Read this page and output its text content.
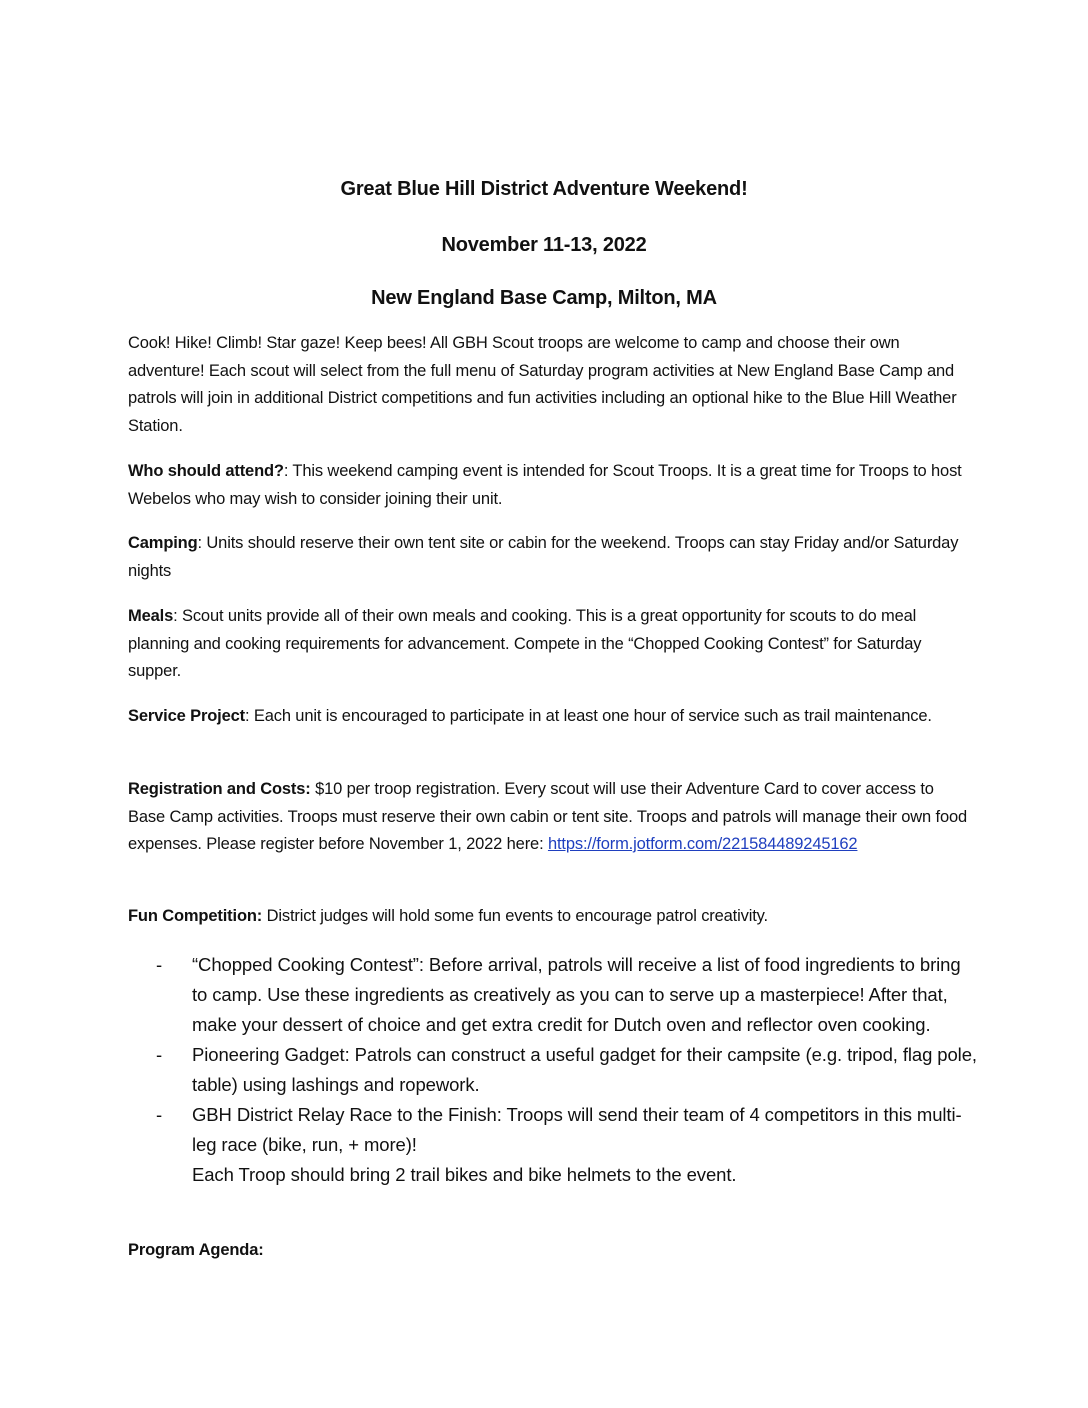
Great Blue Hill District Adventure Weekend!
November 11-13, 2022
New England Base Camp, Milton, MA

Cook! Hike! Climb! Star gaze! Keep bees! All GBH Scout troops are welcome to camp and choose their own adventure! Each scout will select from the full menu of Saturday program activities at New England Base Camp and patrols will join in additional District competitions and fun activities including an optional hike to the Blue Hill Weather Station.

Who should attend?: This weekend camping event is intended for Scout Troops. It is a great time for Troops to host Webelos who may wish to consider joining their unit.

Camping: Units should reserve their own tent site or cabin for the weekend. Troops can stay Friday and/or Saturday nights

Meals: Scout units provide all of their own meals and cooking. This is a great opportunity for scouts to do meal planning and cooking requirements for advancement. Compete in the “Chopped Cooking Contest” for Saturday supper.

Service Project: Each unit is encouraged to participate in at least one hour of service such as trail maintenance.

Registration and Costs: $10 per troop registration. Every scout will use their Adventure Card to cover access to Base Camp activities. Troops must reserve their own cabin or tent site. Troops and patrols will manage their own food expenses. Please register before November 1, 2022 here: https://form.jotform.com/221584489245162

Fun Competition: District judges will hold some fun events to encourage patrol creativity.

- “Chopped Cooking Contest”: Before arrival, patrols will receive a list of food ingredients to bring to camp. Use these ingredients as creatively as you can to serve up a masterpiece! After that, make your dessert of choice and get extra credit for Dutch oven and reflector oven cooking.
- Pioneering Gadget: Patrols can construct a useful gadget for their campsite (e.g. tripod, flag pole, table) using lashings and ropework.
- GBH District Relay Race to the Finish: Troops will send their team of 4 competitors in this multi-leg race (bike, run, + more)!
Each Troop should bring 2 trail bikes and bike helmets to the event.

Program Agenda:
